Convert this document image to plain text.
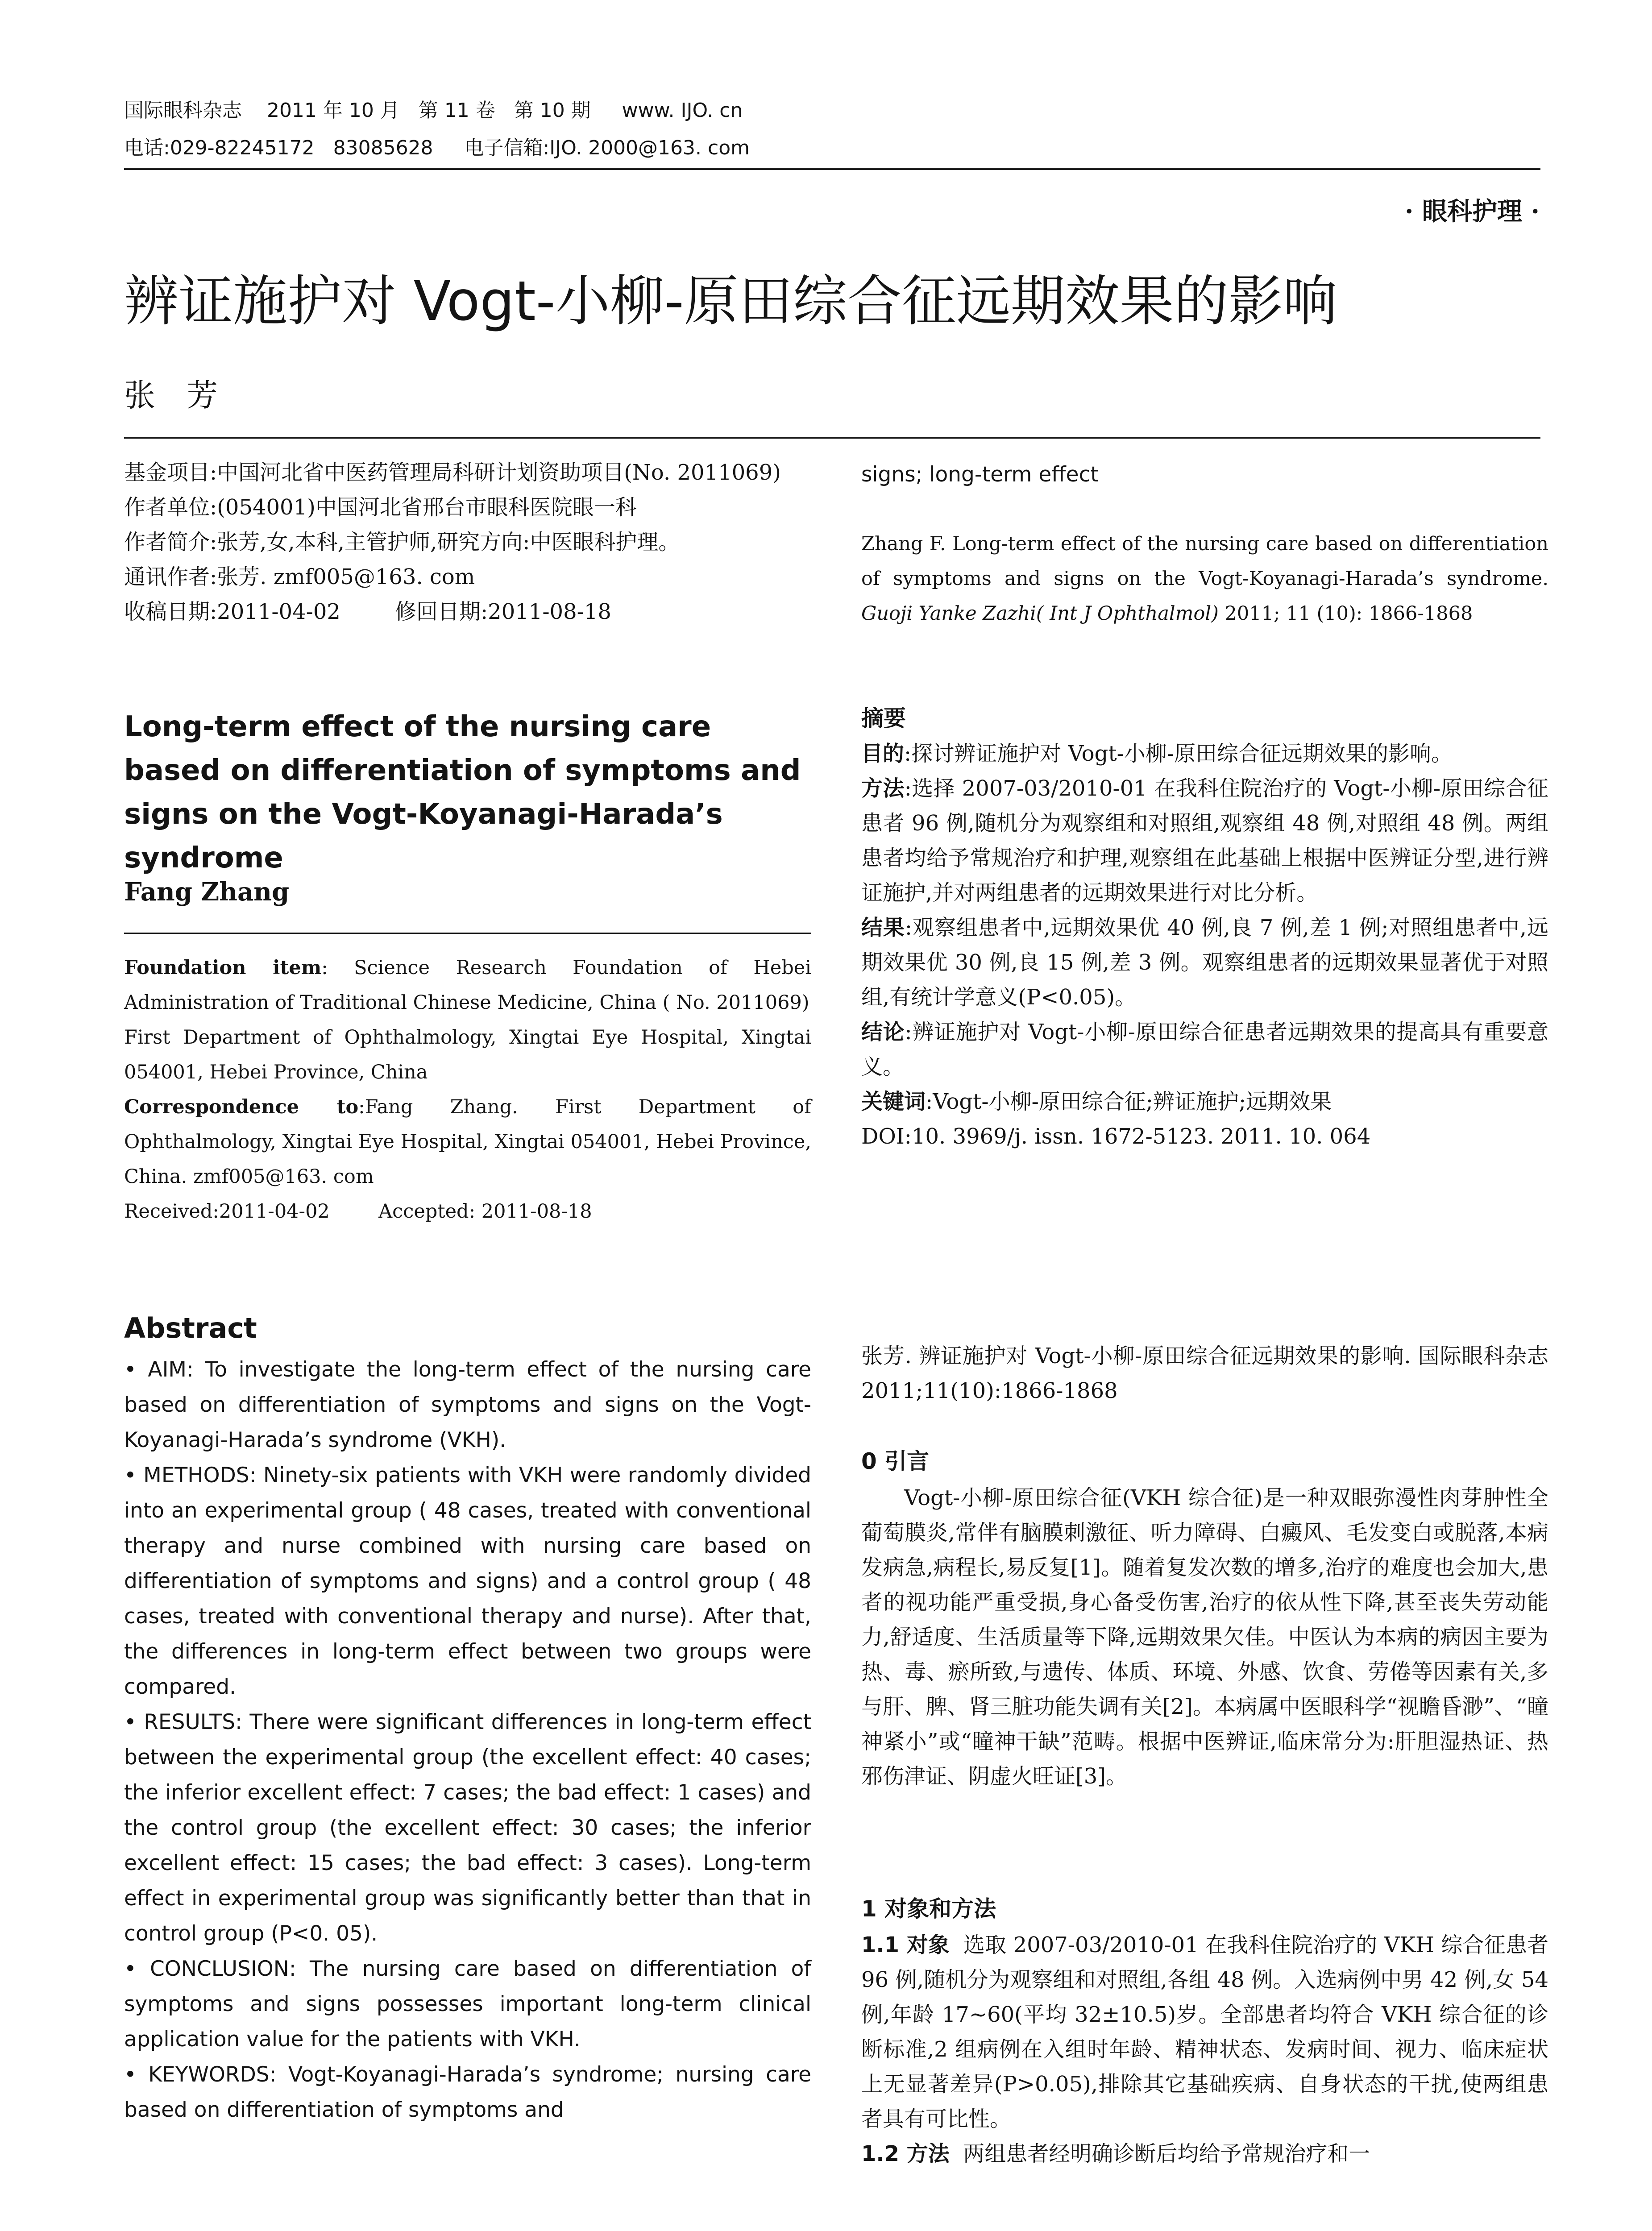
国际眼科杂志    2011 年 10 月   第 11 卷   第 10 期     www. IJO. cn
电话:029-82245172   83085628     电子信箱:IJO. 2000@163. com
· 眼科护理 ·
辨证施护对 Vogt-小柳-原田综合征远期效果的影响
张芳

基金项目:中国河北省中医药管理局科研计划资助项目(No. 2011069)

作者单位:(054001)中国河北省邢台市眼科医院眼一科

作者简介:张芳,女,本科,主管护师,研究方向:中医眼科护理。

通讯作者:张芳. zmf005@163. com

收稿日期:2011-04-02        修回日期:2011-08-18

Long-term effect of the nursing care based on differentiation of symptoms and signs on the Vogt-Koyanagi-Harada’s syndrome
Fang Zhang

Foundation item: Science Research Foundation of Hebei Administration of Traditional Chinese Medicine, China ( No. 2011069)

First Department of Ophthalmology, Xingtai Eye Hospital, Xingtai 054001, Hebei Province, China

Correspondence to:Fang Zhang. First Department of Ophthalmology, Xingtai Eye Hospital, Xingtai 054001, Hebei Province, China. zmf005@163. com

Received:2011-04-02        Accepted: 2011-08-18

Abstract

• AIM: To investigate the long-term effect of the nursing care based on differentiation of symptoms and signs on the Vogt-Koyanagi-Harada’s syndrome (VKH).

• METHODS: Ninety-six patients with VKH were randomly divided into an experimental group ( 48 cases, treated with conventional therapy and nurse combined with nursing care based on differentiation of symptoms and signs) and a control group ( 48 cases, treated with conventional therapy and nurse). After that, the differences in long-term effect between two groups were compared.

• RESULTS: There were significant differences in long-term effect between the experimental group (the excellent effect: 40 cases; the inferior excellent effect: 7 cases; the bad effect: 1 cases) and the control group (the excellent effect: 30 cases; the inferior excellent effect: 15 cases; the bad effect: 3 cases). Long-term effect in experimental group was significantly better than that in control group (P<0. 05).

• CONCLUSION: The nursing care based on differentiation of symptoms and signs possesses important long-term clinical application value for the patients with VKH.

• KEYWORDS: Vogt-Koyanagi-Harada’s syndrome; nursing care based on differentiation of symptoms and

signs; long-term effect

Zhang F. Long-term effect of the nursing care based on differentiation of symptoms and signs on the Vogt-Koyanagi-Harada’s syndrome. Guoji Yanke Zazhi( Int J Ophthalmol) 2011; 11 (10): 1866-1868

摘要

目的:探讨辨证施护对 Vogt-小柳-原田综合征远期效果的影响。

方法:选择 2007-03/2010-01 在我科住院治疗的 Vogt-小柳-原田综合征患者 96 例,随机分为观察组和对照组,观察组 48 例,对照组 48 例。两组患者均给予常规治疗和护理,观察组在此基础上根据中医辨证分型,进行辨证施护,并对两组患者的远期效果进行对比分析。

结果:观察组患者中,远期效果优 40 例,良 7 例,差 1 例;对照组患者中,远期效果优 30 例,良 15 例,差 3 例。观察组患者的远期效果显著优于对照组,有统计学意义(P<0.05)。

结论:辨证施护对 Vogt-小柳-原田综合征患者远期效果的提高具有重要意义。

关键词:Vogt-小柳-原田综合征;辨证施护;远期效果

DOI:10. 3969/j. issn. 1672-5123. 2011. 10. 064

张芳. 辨证施护对 Vogt-小柳-原田综合征远期效果的影响. 国际眼科杂志 2011;11(10):1866-1868

0 引言

Vogt-小柳-原田综合征(VKH 综合征)是一种双眼弥漫性肉芽肿性全葡萄膜炎,常伴有脑膜刺激征、听力障碍、白癜风、毛发变白或脱落,本病发病急,病程长,易反复[1]。随着复发次数的增多,治疗的难度也会加大,患者的视功能严重受损,身心备受伤害,治疗的依从性下降,甚至丧失劳动能力,舒适度、生活质量等下降,远期效果欠佳。中医认为本病的病因主要为热、毒、瘀所致,与遗传、体质、环境、外感、饮食、劳倦等因素有关,多与肝、脾、肾三脏功能失调有关[2]。本病属中医眼科学“视瞻昏渺”、“瞳神紧小”或“瞳神干缺”范畴。根据中医辨证,临床常分为:肝胆湿热证、热邪伤津证、阴虚火旺证[3]。

1 对象和方法

1.1 对象  选取 2007-03/2010-01 在我科住院治疗的 VKH 综合征患者 96 例,随机分为观察组和对照组,各组 48 例。入选病例中男 42 例,女 54 例,年龄 17~60(平均 32±10.5)岁。全部患者均符合 VKH 综合征的诊断标准,2 组病例在入组时年龄、精神状态、发病时间、视力、临床症状上无显著差异(P>0.05),排除其它基础疾病、自身状态的干扰,使两组患者具有可比性。

1.2 方法  两组患者经明确诊断后均给予常规治疗和一
